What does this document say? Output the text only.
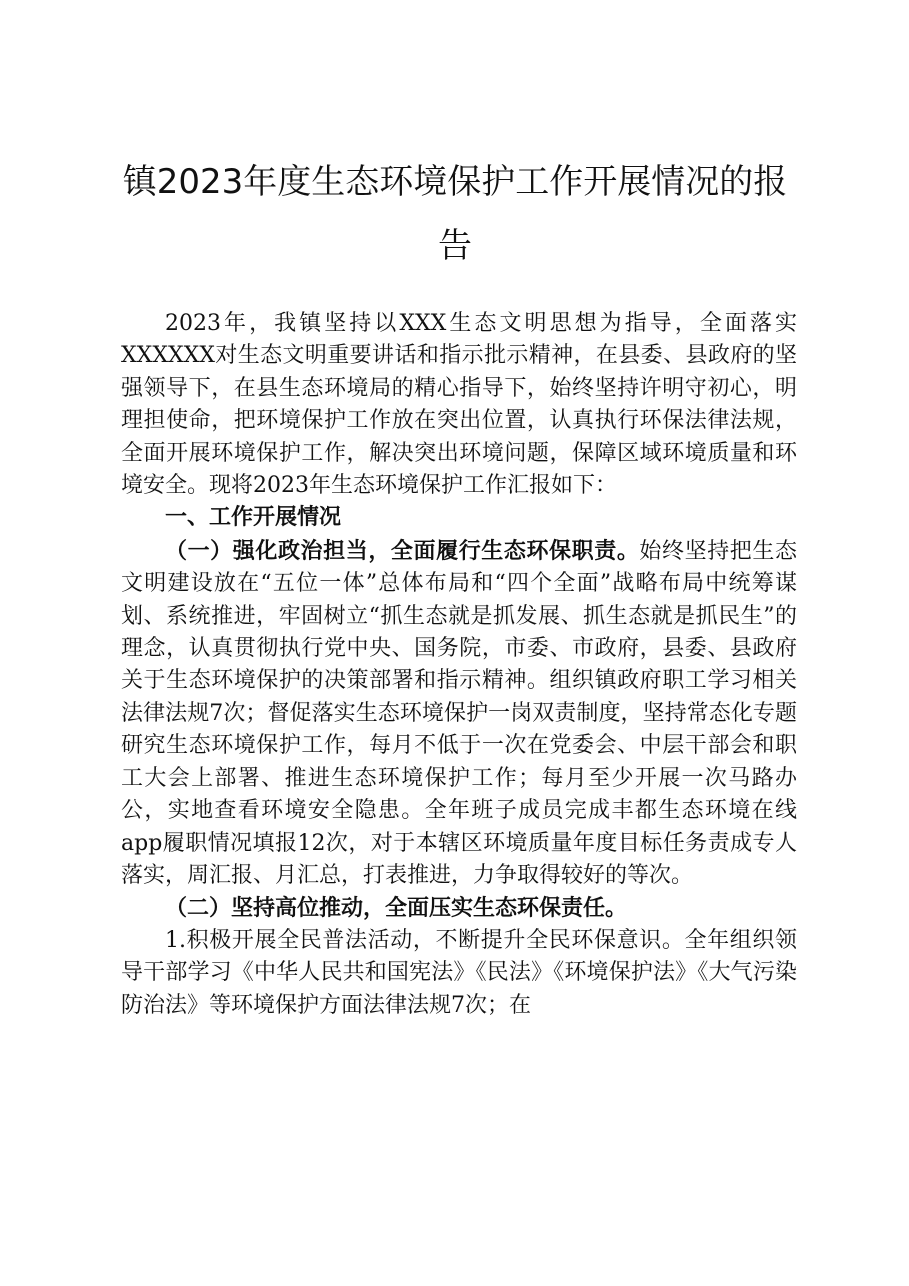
镇2023年度生态环境保护工作开展情况的报告

2023年，我镇坚持以XXX生态文明思想为指导，全面落实XXXXXX对生态文明重要讲话和指示批示精神，在县委、县政府的坚强领导下，在县生态环境局的精心指导下，始终坚持许明守初心，明理担使命，把环境保护工作放在突出位置，认真执行环保法律法规，全面开展环境保护工作，解决突出环境问题，保障区域环境质量和环境安全。现将2023年生态环境保护工作汇报如下：

一、工作开展情况

（一）强化政治担当，全面履行生态环保职责。始终坚持把生态文明建设放在“五位一体”总体布局和“四个全面”战略布局中统筹谋划、系统推进，牢固树立“抓生态就是抓发展、抓生态就是抓民生”的理念，认真贯彻执行党中央、国务院，市委、市政府，县委、县政府关于生态环境保护的决策部署和指示精神。组织镇政府职工学习相关法律法规7次；督促落实生态环境保护一岗双责制度，坚持常态化专题研究生态环境保护工作，每月不低于一次在党委会、中层干部会和职工大会上部署、推进生态环境保护工作；每月至少开展一次马路办公，实地查看环境安全隐患。全年班子成员完成丰都生态环境在线app履职情况填报12次，对于本辖区环境质量年度目标任务责成专人落实，周汇报、月汇总，打表推进，力争取得较好的等次。

（二）坚持高位推动，全面压实生态环保责任。

1.积极开展全民普法活动，不断提升全民环保意识。全年组织领导干部学习《中华人民共和国宪法》《民法》《环境保护法》《大气污染防治法》等环境保护方面法律法规7次；在
